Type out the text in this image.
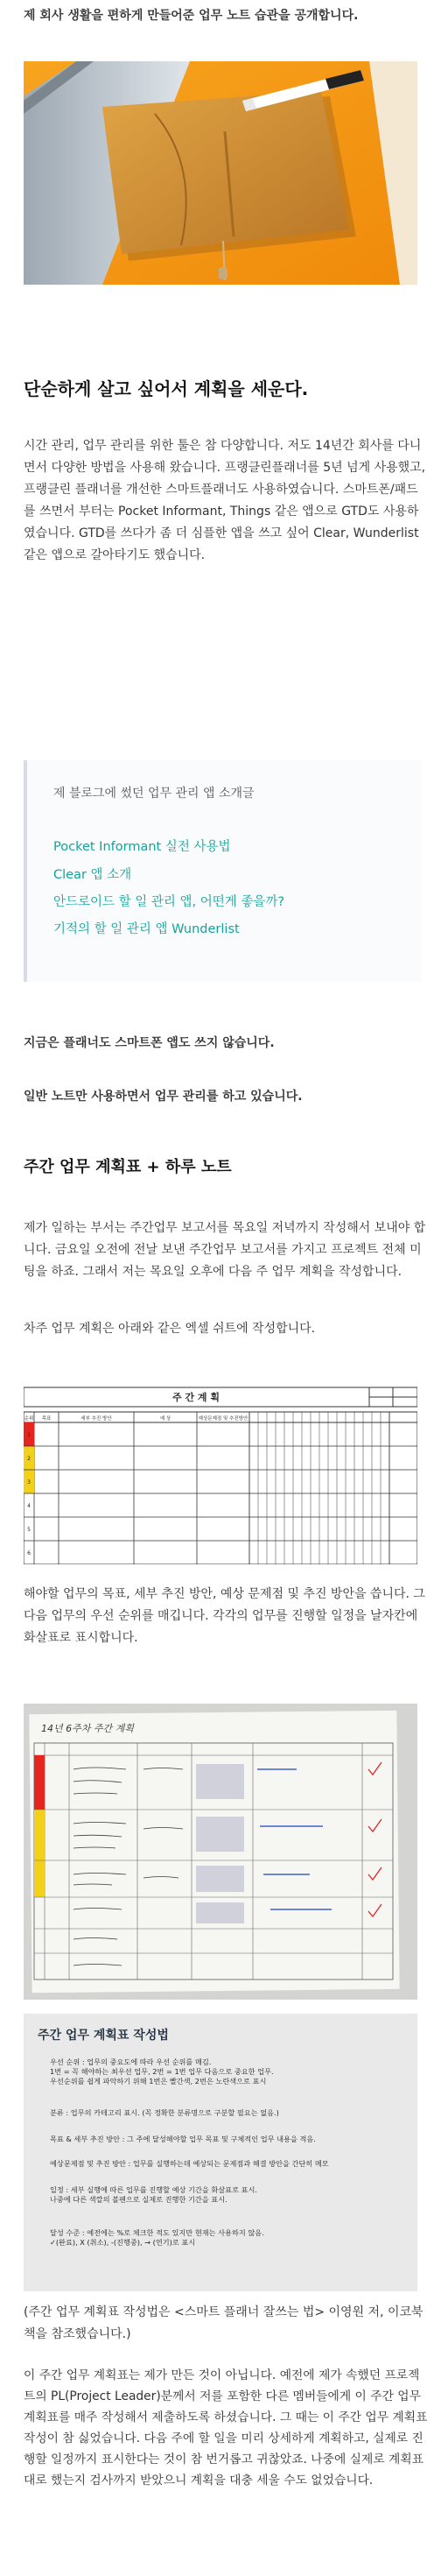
제 회사 생활을 편하게 만들어준 업무 노트 습관을 공개합니다.

단순하게 살고 싶어서 계획을 세운다.

시간 관리, 업무 관리를 위한 툴은 참 다양합니다. 저도 14년간 회사를 다니면서 다양한 방법을 사용해 왔습니다. 프랭클린플래너를 5년 넘게 사용했고, 프랭클린 플래너를 개선한 스마트플래너도 사용하였습니다. 스마트폰/패드를 쓰면서 부터는 Pocket Informant, Things 같은 앱으로 GTD도 사용하였습니다. GTD를 쓰다가 좀 더 심플한 앱을 쓰고 싶어 Clear, Wunderlist 같은 앱으로 갈아타기도 했습니다.

제 블로그에 썼던 업무 관리 앱 소개글
Pocket Informant 실전 사용법
Clear 앱 소개
안드로이드 할 일 관리 앱, 어떤게 좋을까?
기적의 할 일 관리 앱 Wunderlist

지금은 플래너도 스마트폰 앱도 쓰지 않습니다.

일반 노트만 사용하면서 업무 관리를 하고 있습니다.

주간 업무 계획표 + 하루 노트

제가 일하는 부서는 주간업무 보고서를 목요일 저녁까지 작성해서 보내야 합니다. 금요일 오전에 전날 보낸 주간업무 보고서를 가지고 프로젝트 전체 미팅을 하죠. 그래서 저는 목요일 오후에 다음 주 업무 계획을 작성합니다.

차주 업무 계획은 아래와 같은 엑셀 쉬트에 작성합니다.

주 간 계 획
순위 목표	세부 추진 방안	예 상	예상문제점 및 추진방안
1
2
3
4
5
6

해야할 업무의 목표, 세부 추진 방안, 예상 문제점 및 추진 방안을 씁니다. 그 다음 업무의 우선 순위를 매깁니다. 각각의 업무를 진행할 일정을 날자칸에 화살표로 표시합니다.

14년 6주차 주간 계획
주간 업무 계획표 작성법
우선 순위 : 업무의 중요도에 따라 우선 순위를 매김.
1번 = 꼭 해야하는 최우선 업무, 2번 = 1번 업무 다음으로 중요한 업무.
우선순위를 쉽게 파악하기 위해 1번은 빨간색, 2번은 노란색으로 표시
분류 : 업무의 카테고리 표시. (꼭 정확한 분류명으로 구분할 필요는 없음.)
목표 & 세부 추진 방안 : 그 주에 달성해야할 업무 목표 및 구체적인 업무 내용을 적음.
예상문제점 및 추진 방안 : 업무를 실행하는데 예상되는 문제점과 해결 방안을 간단히 메모
일정 : 세부 실행에 따른 업무를 진행할 예상 기간을 화살표로 표시.
나중에 다른 색깔의 볼펜으로 실제로 진행한 기간을 표시.
달성 수준 : 예전에는 %로 체크한 적도 있지만 현재는 사용하지 않음.
✓(완료), X (취소), -(진행중), → (연기)로 표시

(주간 업무 계획표 작성법은 <스마트 플래너 잘쓰는 법> 이영원 저, 이코북 책을 참조했습니다.)

이 주간 업무 계획표는 제가 만든 것이 아닙니다. 예전에 제가 속했던 프로젝트의 PL(Project Leader)분께서 저를 포함한 다른 멤버들에게 이 주간 업무 계획표를 매주 작성해서 제출하도록 하셨습니다. 그 때는 이 주간 업무 계획표 작성이 참 싫었습니다. 다음 주에 할 일을 미리 상세하게 계획하고, 실제로 진행할 일정까지 표시한다는 것이 참 번거롭고 귀찮았죠. 나중에 실제로 계획표대로 했는지 검사까지 받았으니 계획을 대충 세울 수도 없었습니다.
